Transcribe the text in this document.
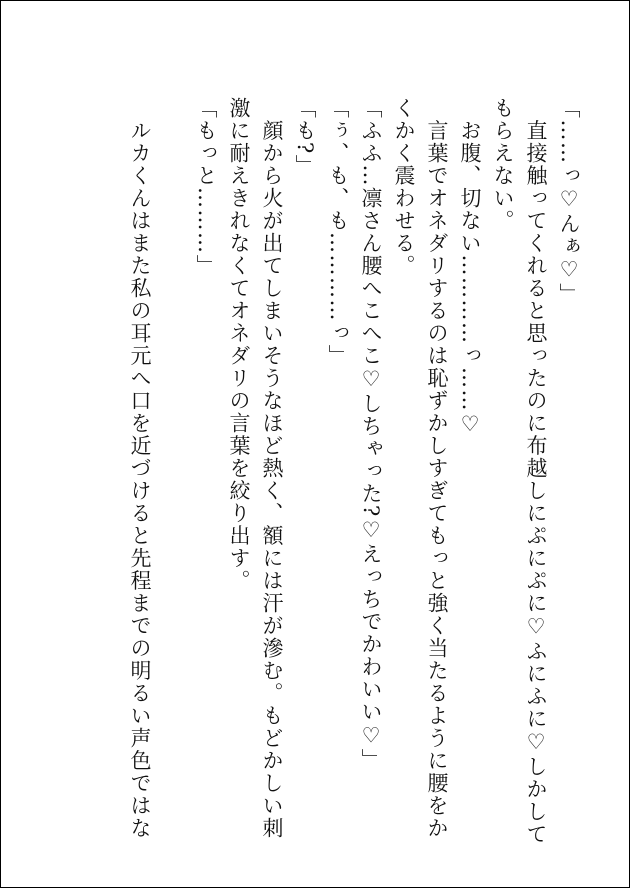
「……っ♡んぁ♡」
　直接触ってくれると思ったのに布越しにぷにぷに♡ふにふに♡しかして
もらえない。
　お腹、切ない…………っ……♡
　言葉でオネダリするのは恥ずかしすぎてもっと強く当たるように腰をか
くかく震わせる。
「ふふ…凛さん腰へこへこ♡しちゃった?♡えっちでかわいい♡」
「ぅ、も、も…………っ」
「も?」
　顔から火が出てしまいそうなほど熱く、額には汗が滲む。もどかしい刺
激に耐えきれなくてオネダリの言葉を絞り出す。
「もっと………」
　ルカくんはまた私の耳元へ口を近づけると先程までの明るい声色ではな
